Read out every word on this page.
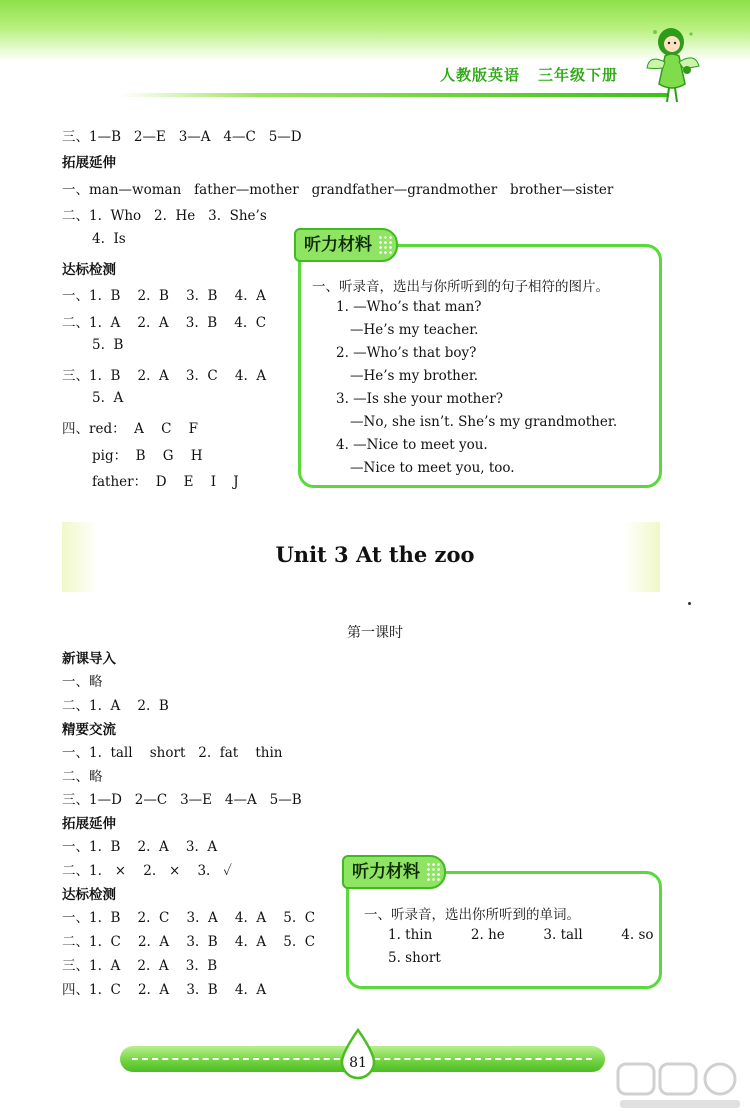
人教版英语 三年级下册
三、1—B   2—E   3—A   4—C   5—D
拓展延伸
一、man—woman   father—mother   grandfather—grandmother   brother—sister
二、1.  Who   2.  He   3.  She’s
4.  Is
达标检测
一、1.  B    2.  B    3.  B    4.  A
二、1.  A    2.  A    3.  B    4.  C
5.  B
三、1.  B    2.  A    3.  C    4.  A
5.  A
四、red：  A    C    F
pig：  B    G    H
father：  D    E    I    J
听力材料
一、听录音，选出与你所听到的句子相符的图片。
1. —Who’s that man?
—He’s my teacher.
2. —Who’s that boy?
—He’s my brother.
3. —Is she your mother?
—No, she isn’t. She’s my grandmother.
4. —Nice to meet you.
—Nice to meet you, too.
Unit 3 At the zoo
第一课时
新课导入
一、略
二、1.  A    2.  B
精要交流
一、1.  tall    short   2.  fat    thin
二、略
三、1—D   2—C   3—E   4—A   5—B
拓展延伸
一、1.  B    2.  A    3.  A
二、1.   ×    2.   ×    3.   ✓
达标检测
一、1.  B    2.  C    3.  A    4.  A    5.  C
二、1.  C    2.  A    3.  B    4.  A    5.  C
三、1.  A    2.  A    3.  B
四、1.  C    2.  A    3.  B    4.  A
听力材料
一、听录音，选出你所听到的单词。
1. thin         2. he         3. tall         4. so
5. short
81
